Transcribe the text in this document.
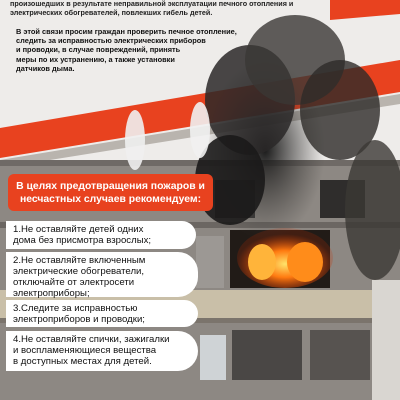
произошедших в результате неправильной эксплуатации печного отопления и

электрических обогревателей, повлекших гибель детей.

В этой связи просим граждан проверить печное отопление,
следить за исправностью электрических приборов
и проводки, в случае повреждений, принять
меры по их устранению, а также установки
датчиков дыма.
В целях предотвращения пожаров и
несчастных случаев рекомендуем:
1.Не оставляйте детей одних
дома без присмотра взрослых;
2.Не оставляйте включенным
электрические обогреватели,
отключайте от электросети
электроприборы;
3.Следите за исправностью
электроприборов и проводки;
4.Не оставляйте спички, зажигалки
и воспламеняющиеся вещества
в доступных местах для детей.
